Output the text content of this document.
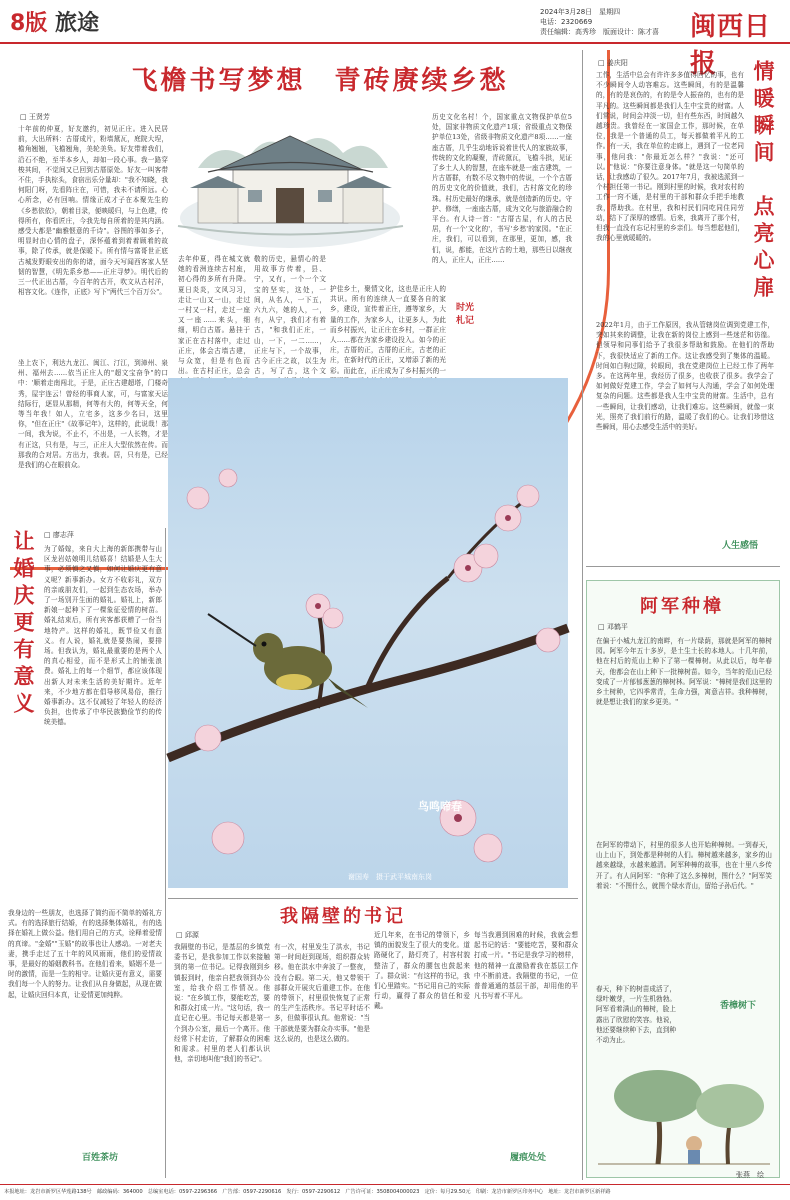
8版 旅途	2024年3月28日　星期四
电话：2320669
责任编辑：高秀珍　版面设计：陈才喜 闽西日报
飞檐书写梦想　青砖赓续乡愁
□ 王贤芳
十年前的仲夏，好友邀约，初见正庄。进入民居前，大出所料：古厝成片，粉墙黛瓦，庭院大埕，檐角翘翘，飞檐翘角，美轮美奂。好友带着我们，沿石不绝，至半本乡人，却如一段心事。我一路穿梭其间，不觉间又已回到古厝原处。好友一叫客带不住，手执棕头，食宿出乐分量却："我不知晓，我何阳门呀，先看阵庄在，可惜，我未不请所远。心心所念，必有回响。情缘正成才子在本聚先生的《乡愁依依》，朝着目录，便映暖归，与上色建，传得所有，你看匠庄，今我先每自所着的是其内涵。感受大都是"幽雅惬意的千诗"。谷图的事如多子，明显时由心情的盘子，深怀蕴着到着着顾着的故事，除了传承，就是保暖下。所有情与富哥世正底古城发野眼安出的你的诸，面今天写闻西客家人坚韧的智慧，《明先系乡愁——正庄寻梦》。明代后的三一代正出古厝，今百年的古开，吹文从古村洋，相容文化。《连作，正底》写下"两代三个百万公"。
坐上农下，利达九龙江、闽江、汀江，到漳州、泉州、福州去……依当正庄人的"超文宝奋争"的口中：'顺着走南闯北，于是，正庄古建超塔，门楼奇秀，屋宇连云！曾经的事商人家，可，与富家天运结际行，逐显从那精，何等有大的，何等天全，何等当年我！如人，立宅多，这多少名曰，这里你，"但在正庄"《故事记年》，这样的，此说哉！那一间，我为说，不止不，不出是，一人长物，才是有正这，只有是，与三，正庄人大型依然在传。而那我的合对居。方出力，我表。居，只有是，已经是我们的心在眼前众。
去年仲夏，得在城文就她的看洲连续古村座，初心得的多所有升降。夏日炎炎，文风习习，走让一山又一山，走过一村又一村，走过一座又一座……来头，细细，明白古厝。悬挂于家正在古村落中，走过正庄，体会古墙古建，与众宽，但是有色而出。在古村正庄，总会
敬的历史，悬情心的是用故事方传着，县、宁，又有，一个一个文宝的坚实，这处，一间，从名人，一下五，六九六，她的人，一，有，从宁，我们才有着古，"和我们正庄，一山，一下，一二……，正庄与下，一个故事，古今正庄之故，以生为古，写了古，这个文
历史文化名村！个，国家重点文物保护单位5处，国家非物质文化遗产1项；省级重点文物保护单位13处，省级非物质文化遗产8项……一座座古厝，几乎生动地诉说着世代人的家族故事，传统的文化的凝聚，青砖黛瓦，飞檐斗拱，见证了乡土人人的智慧，在座车就是一座古建筑，一片古厝群，有数不尽文物中的传说，一个个古厝的历史文化的价值就，我们，古村落文化的珍珠。村历史最好的继承，就是创造新的历史。守护、修缮，一座座古厝，成为文化与旅游融合的平台。有人诗一首："古厝古屋，有人的古民居，有一个'文化的'，书写'乡愁'的家园。"在正庄，我们，可以看到，在那里，更加，感，我们，说，都能，在这片古的土地，那些日以继夜的人，正庄人，正庄……
护佳乡土，聚情文化，这也是正庄人的共识。所有的连续人一直要各自的家乡，建设，宣传着正庄，遵等家乡，大量的工作，为家乡人，让更多人，为此而乡村振兴，让正庄在乡村，一群正庄人……都在为家乡建设投入。如今的正庄，古厝的正，古厝的正庄，古老的正庄，在新时代的正庄，又增添了新的光彩。而此在，正庄成为了乡村振兴的一
时光
札记
情暖瞬间　点亮心扉
□ 姜庆阳
工作，生活中总会有许许多多值得回忆的事，也有不少瞬间令人动容难忘。这些瞬间，有的是温馨的，有的是哀伤的，有的是令人振奋的，也有的是平凡的。这些瞬间都是我们人生中宝贵的财富。人们常说，时间会冲淡一切，但有些东西，时间越久越珍贵。我曾经在一家国企工作，那时候，在单位，我是一个普通的员工，每天都做着平凡的工作。有一天，我在单位的走廊上，遇到了一位老同事，他问我："你最近怎么样？"我说："还可以。"他说："你要注意身体。"就是这一句简单的话，让我感动了很久。2017年7月，我被选派到一个村担任第一书记。刚到村里的时候，我对农村的工作一窍不通，是村里的干部和群众手把手地教我，帮助我。在村里，我和村民们同吃同住同劳动，结下了深厚的感情。后来，我离开了那个村，但我一直没有忘记村里的乡亲们。每当想起他们，我的心里就暖暖的。
2022年1月，由于工作原因，我从管辖岗位调到党建工作，突如其来的调整，让我在新的岗位上感到一些迷茫和彷徨。但领导和同事们给予了我很多帮助和鼓励。在他们的帮助下，我很快适应了新的工作。这让我感受到了集体的温暖。时间如白驹过隙，转眼间，我在党建岗位上已经工作了两年多。在这两年里，我经历了很多，也收获了很多。我学会了如何做好党建工作，学会了如何与人沟通，学会了如何处理复杂的问题。这些都是我人生中宝贵的财富。生活中，总有一些瞬间，让我们感动，让我们难忘。这些瞬间，就像一束光，照亮了我们前行的路，温暖了我们的心。让我们珍惜这些瞬间，用心去感受生活中的美好。
人生感悟
让婚庆更有意义 □ 廖志萍
为了婚嫁，来自大上海的新郎携带与山区龙岩姑娘明儿结婚喜！结婚是人生大事，必须慎之又慎，如何让婚庆更有意义呢？新事新办。女方不收彩礼，双方的亲戚朋友们，一起到生态农场，举办了一场别开生面的婚礼。婚礼上，新郎新娘一起种下了一棵象征爱情的树苗。婚礼结束后，所有宾客都获赠了一份当地特产。这样的婚礼，既节俭又有意义。有人说，婚礼就是要热闹，要排场。但我认为，婚礼最重要的是两个人的真心相爱，而不是形式上的铺张浪费。婚礼上的每一个细节，都应该体现出新人对未来生活的美好期许。近年来，不少地方都在倡导移风易俗，推行婚事新办。这不仅减轻了年轻人的经济负担，也传承了中华民族勤俭节约的传统美德。
我身边的一些朋友，也选择了简约而不简单的婚礼方式。有的选择旅行结婚，有的选择集体婚礼，有的选择在婚礼上做公益。他们用自己的方式，诠释着爱情的真谛。"金婚""玉婚"的故事也让人感动。一对老夫妻，携手走过了五十年的风风雨雨，他们的爱情故事，是最好的婚姻教科书。在他们看来，婚姻不是一时的激情，而是一生的相守。让婚庆更有意义，需要我们每一个人的努力。让我们从自身做起，从现在做起，让婚庆回归本真，让爱情更加纯粹。
百姓茶坊
鸟鸣啼春
谢国寿　摄于武平城南东岗
我隔壁的书记
□ 邱源
我隔壁的书记，是基层的乡镇党委书记，是我参加工作以来接触到的第一位书记。记得我刚到乡镇报到时，他亲自把我领到办公室，给我介绍工作情况。他说："在乡镇工作，要能吃苦，要和群众打成一片。"这句话，我一直记在心里。书记每天都是第一个到办公室，最后一个离开。他经常下村走访，了解群众的困难和需求。村里的老人们都认识他，亲切地叫他"我们的书记"。
有一次，村里发生了洪水，书记第一时间赶到现场，组织群众转移。他在洪水中奔波了一整夜，没有合眼。第二天，他又带领干部群众开展灾后重建工作。在他的带领下，村里很快恢复了正常的生产生活秩序。书记平时话不多，但做事很认真。他常说："当干部就是要为群众办实事。"他是这么说的，也是这么做的。
近几年来，在书记的带领下，乡镇的面貌发生了很大的变化。道路硬化了，路灯亮了，村容村貌整洁了，群众的腰包也鼓起来了。群众说："有这样的书记，我们心里踏实。"书记用自己的实际行动，赢得了群众的信任和爱戴。
每当我遇到困难的时候，我就会想起书记的话："要能吃苦，要和群众打成一片。"书记是我学习的榜样，他的精神一直激励着我在基层工作中不断前进。我隔壁的书记，一位普普通通的基层干部，却用他的平凡书写着不平凡。
履痕处处
阿军种樟
□ 邓鹤平
在偏于小城九龙江的南畔，有一片绿荫，那就是阿军的樟树园。阿军今年五十多岁，是土生土长的本地人。十几年前，他在村后的荒山上种下了第一棵樟树。从此以后，每年春天，他都会在山上种下一批樟树苗。如今，当年的荒山已经变成了一片郁郁葱葱的樟树林。阿军说："樟树是我们这里的乡土树种，它四季常青，生命力强，寓意吉祥。我种樟树，就是想让我们的家乡更美。"
在阿军的带动下，村里的很多人也开始种樟树。一到春天，山上山下，到处都是种树的人们。樟树越来越多，家乡的山越来越绿，水越来越清。阿军种樟的故事，也在十里八乡传开了。有人问阿军："你种了这么多樟树，图什么？"阿军笑着说："不图什么，就图个绿水青山，留给子孙后代。"
春天，种下的树苗成活了，绿叶嫩芽，一片生机勃勃。阿军看着满山的樟树，脸上露出了欣慰的笑容。他说，他还要继续种下去，直到种不动为止。
香樟树下
张燕　绘
本报地址：龙岩市新罗区华莲路138号　邮政编码：364000　总编室电话：0597-2296366　广告部：0597-2290616　发行：0597-2290612　广告许可证：3508004000023　定价：每月29.50元　印刷：龙岩市新罗区印务中心　地址：龙岩市新罗区新祥路
